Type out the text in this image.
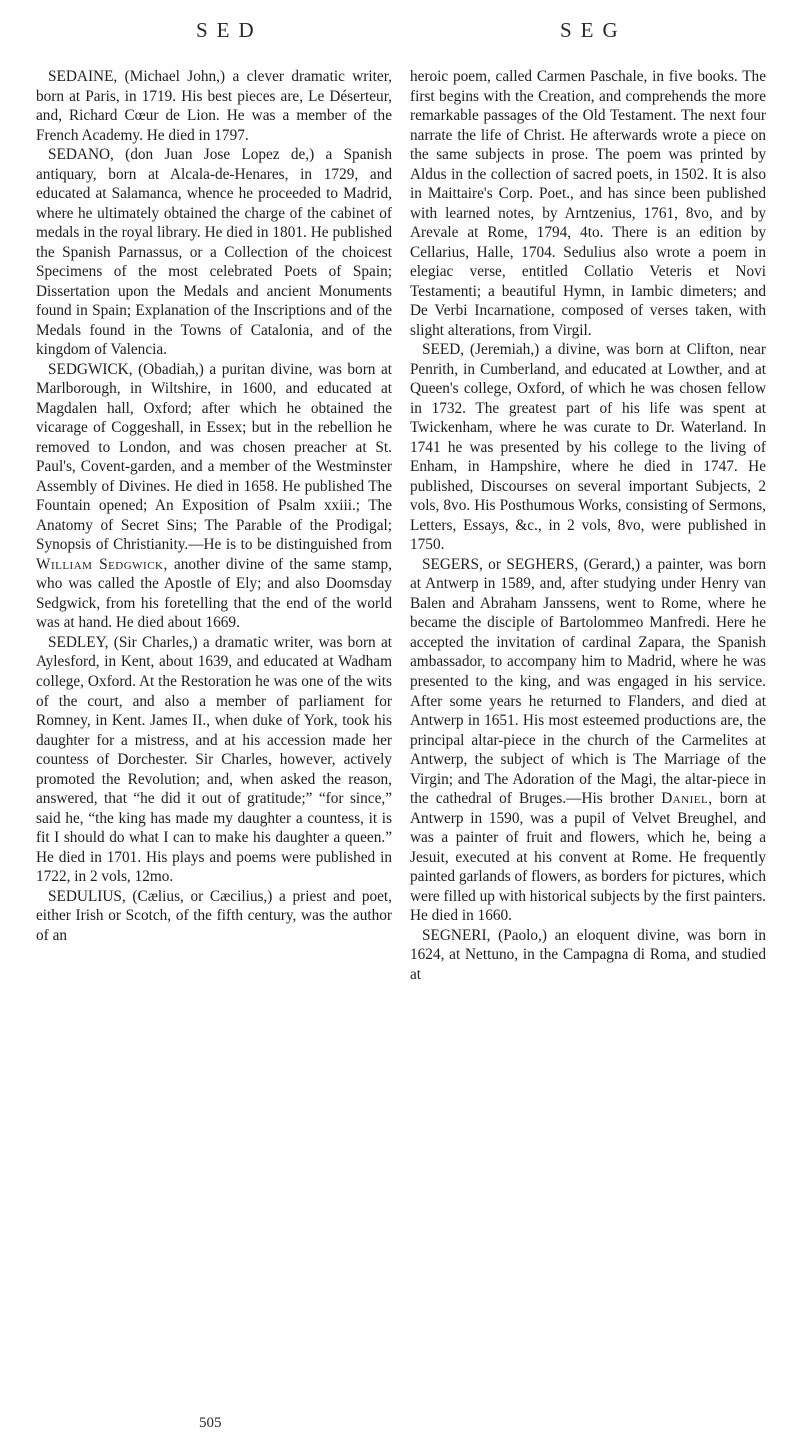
SED	SEG

SEDAINE, (Michael John,) a clever dramatic writer, born at Paris, in 1719. His best pieces are, Le Déserteur, and, Richard Cœur de Lion. He was a member of the French Academy. He died in 1797.

SEDANO, (don Juan Jose Lopez de,) a Spanish antiquary, born at Alcala-de-Henares, in 1729, and educated at Salamanca, whence he proceeded to Madrid, where he ultimately obtained the charge of the cabinet of medals in the royal library. He died in 1801. He published the Spanish Parnassus, or a Collection of the choicest Specimens of the most celebrated Poets of Spain; Dissertation upon the Medals and ancient Monuments found in Spain; Explanation of the Inscriptions and of the Medals found in the Towns of Catalonia, and of the kingdom of Valencia.

SEDGWICK, (Obadiah,) a puritan divine, was born at Marlborough, in Wiltshire, in 1600, and educated at Magdalen hall, Oxford; after which he obtained the vicarage of Coggeshall, in Essex; but in the rebellion he removed to London, and was chosen preacher at St. Paul's, Covent-garden, and a member of the Westminster Assembly of Divines. He died in 1658. He published The Fountain opened; An Exposition of Psalm xxiii.; The Anatomy of Secret Sins; The Parable of the Prodigal; Synopsis of Christianity.—He is to be distinguished from William Sedgwick, another divine of the same stamp, who was called the Apostle of Ely; and also Doomsday Sedgwick, from his foretelling that the end of the world was at hand. He died about 1669.

SEDLEY, (Sir Charles,) a dramatic writer, was born at Aylesford, in Kent, about 1639, and educated at Wadham college, Oxford. At the Restoration he was one of the wits of the court, and also a member of parliament for Romney, in Kent. James II., when duke of York, took his daughter for a mistress, and at his accession made her countess of Dorchester. Sir Charles, however, actively promoted the Revolution; and, when asked the reason, answered, that “he did it out of gratitude;” “for since,” said he, “the king has made my daughter a countess, it is fit I should do what I can to make his daughter a queen.” He died in 1701. His plays and poems were published in 1722, in 2 vols, 12mo.

SEDULIUS, (Cælius, or Cæcilius,) a priest and poet, either Irish or Scotch, of the fifth century, was the author of an

heroic poem, called Carmen Paschale, in five books. The first begins with the Creation, and comprehends the more remarkable passages of the Old Testament. The next four narrate the life of Christ. He afterwards wrote a piece on the same subjects in prose. The poem was printed by Aldus in the collection of sacred poets, in 1502. It is also in Maittaire's Corp. Poet., and has since been published with learned notes, by Arntzenius, 1761, 8vo, and by Arevale at Rome, 1794, 4to. There is an edition by Cellarius, Halle, 1704. Sedulius also wrote a poem in elegiac verse, entitled Collatio Veteris et Novi Testamenti; a beautiful Hymn, in Iambic dimeters; and De Verbi Incarnatione, composed of verses taken, with slight alterations, from Virgil.

SEED, (Jeremiah,) a divine, was born at Clifton, near Penrith, in Cumberland, and educated at Lowther, and at Queen's college, Oxford, of which he was chosen fellow in 1732. The greatest part of his life was spent at Twickenham, where he was curate to Dr. Waterland. In 1741 he was presented by his college to the living of Enham, in Hampshire, where he died in 1747. He published, Discourses on several important Subjects, 2 vols, 8vo. His Posthumous Works, consisting of Sermons, Letters, Essays, &c., in 2 vols, 8vo, were published in 1750.

SEGERS, or SEGHERS, (Gerard,) a painter, was born at Antwerp in 1589, and, after studying under Henry van Balen and Abraham Janssens, went to Rome, where he became the disciple of Bartolommeo Manfredi. Here he accepted the invitation of cardinal Zapara, the Spanish ambassador, to accompany him to Madrid, where he was presented to the king, and was engaged in his service. After some years he returned to Flanders, and died at Antwerp in 1651. His most esteemed productions are, the principal altar-piece in the church of the Carmelites at Antwerp, the subject of which is The Marriage of the Virgin; and The Adoration of the Magi, the altar-piece in the cathedral of Bruges.—His brother Daniel, born at Antwerp in 1590, was a pupil of Velvet Breughel, and was a painter of fruit and flowers, which he, being a Jesuit, executed at his convent at Rome. He frequently painted garlands of flowers, as borders for pictures, which were filled up with historical subjects by the first painters. He died in 1660.

SEGNERI, (Paolo,) an eloquent divine, was born in 1624, at Nettuno, in the Campagna di Roma, and studied at

505
